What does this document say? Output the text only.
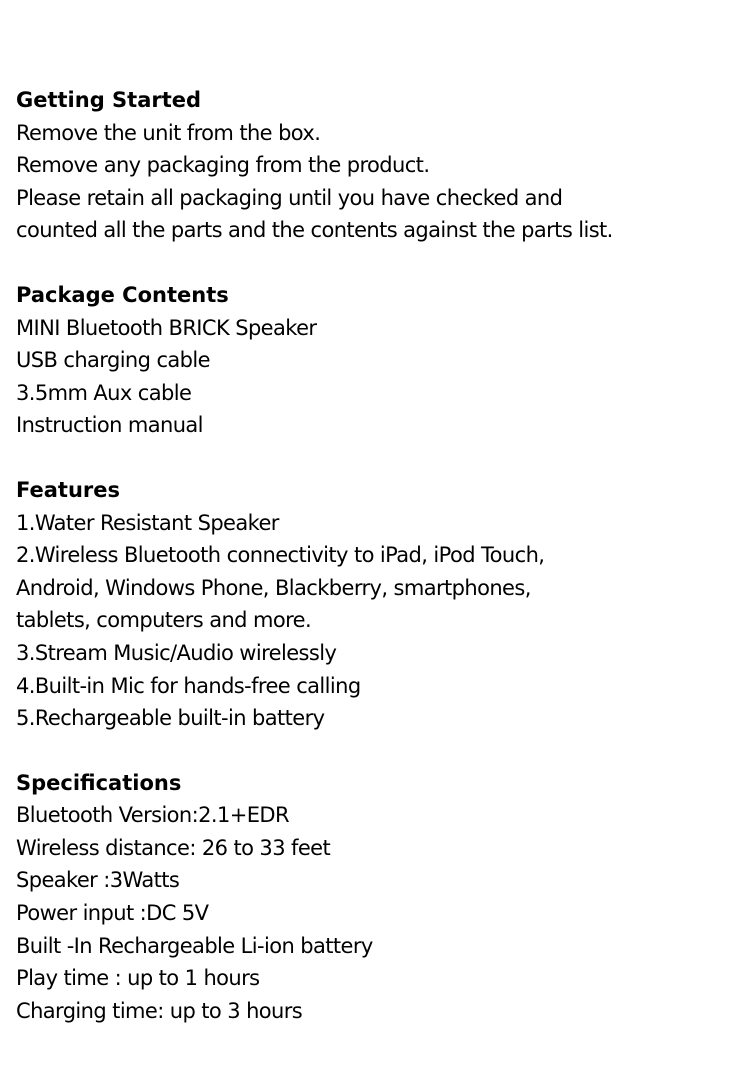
Getting Started
Remove the unit from the box.
Remove any packaging from the product.
Please retain all packaging until you have checked and
counted all the parts and the contents against the parts list.
Package Contents
MINI Bluetooth BRICK Speaker
USB charging cable
3.5mm Aux cable
Instruction manual
Features
1.Water Resistant Speaker
2.Wireless Bluetooth connectivity to iPad, iPod Touch,
Android, Windows Phone, Blackberry, smartphones,
tablets, computers and more.
3.Stream Music/Audio wirelessly
4.Built-in Mic for hands-free calling
5.Rechargeable built-in battery
Specifications
Bluetooth Version:2.1+EDR
Wireless distance: 26 to 33 feet
Speaker :3Watts
Power input :DC 5V
Built -In Rechargeable Li-ion battery
Play time : up to 1 hours
Charging time: up to 3 hours
